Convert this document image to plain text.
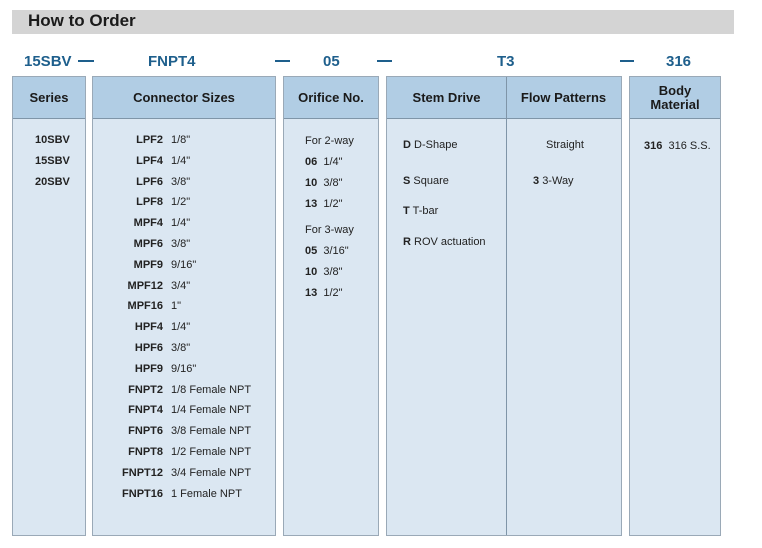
How to Order
15SBV	FNPT4	05	T3	316
Series
10SBV
15SBV
20SBV
Connector Sizes
LPF2 1/8"
LPF4 1/4"
LPF6 3/8"
LPF8 1/2"
MPF4 1/4"
MPF6 3/8"
MPF9 9/16"
MPF12 3/4"
MPF16 1"
HPF4 1/4"
HPF6 3/8"
HPF9 9/16"
FNPT2 1/8 Female NPT
FNPT4 1/4 Female NPT
FNPT6 3/8 Female NPT
FNPT8 1/2 Female NPT
FNPT12 3/4 Female NPT
FNPT16 1 Female NPT
Orifice No.
For 2-way
06 1/4"
10 3/8"
13 1/2"
For 3-way
05 3/16"
10 3/8"
13 1/2"
Stem Drive	Flow Patterns
D D-Shape
S Square
T T-bar
R ROV actuation
Straight
3 3-Way
Body Material
316 316 S.S.
